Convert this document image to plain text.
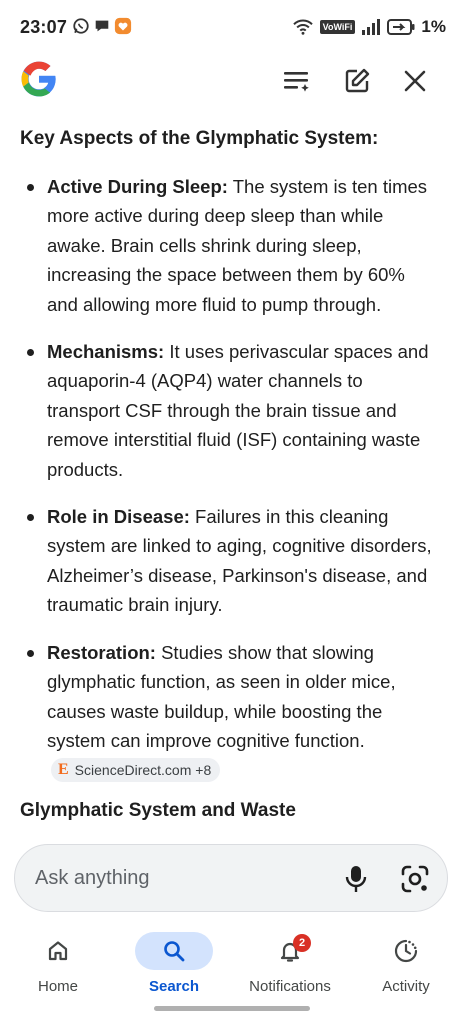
23:07	VoWiFi	1%
Key Aspects of the Glymphatic System:
Active During Sleep: The system is ten times more active during deep sleep than while awake. Brain cells shrink during sleep, increasing the space between them by 60% and allowing more fluid to pump through.
Mechanisms: It uses perivascular spaces and aquaporin-4 (AQP4) water channels to transport CSF through the brain tissue and remove interstitial fluid (ISF) containing waste products.
Role in Disease: Failures in this cleaning system are linked to aging, cognitive disorders, Alzheimer’s disease, Parkinson's disease, and traumatic brain injury.
Restoration: Studies show that slowing glymphatic function, as seen in older mice, causes waste buildup, while boosting the system can improve cognitive function.
E ScienceDirect.com +8
Glymphatic System and Waste
Ask anything
Home	Search
2
Notifications	Activity
